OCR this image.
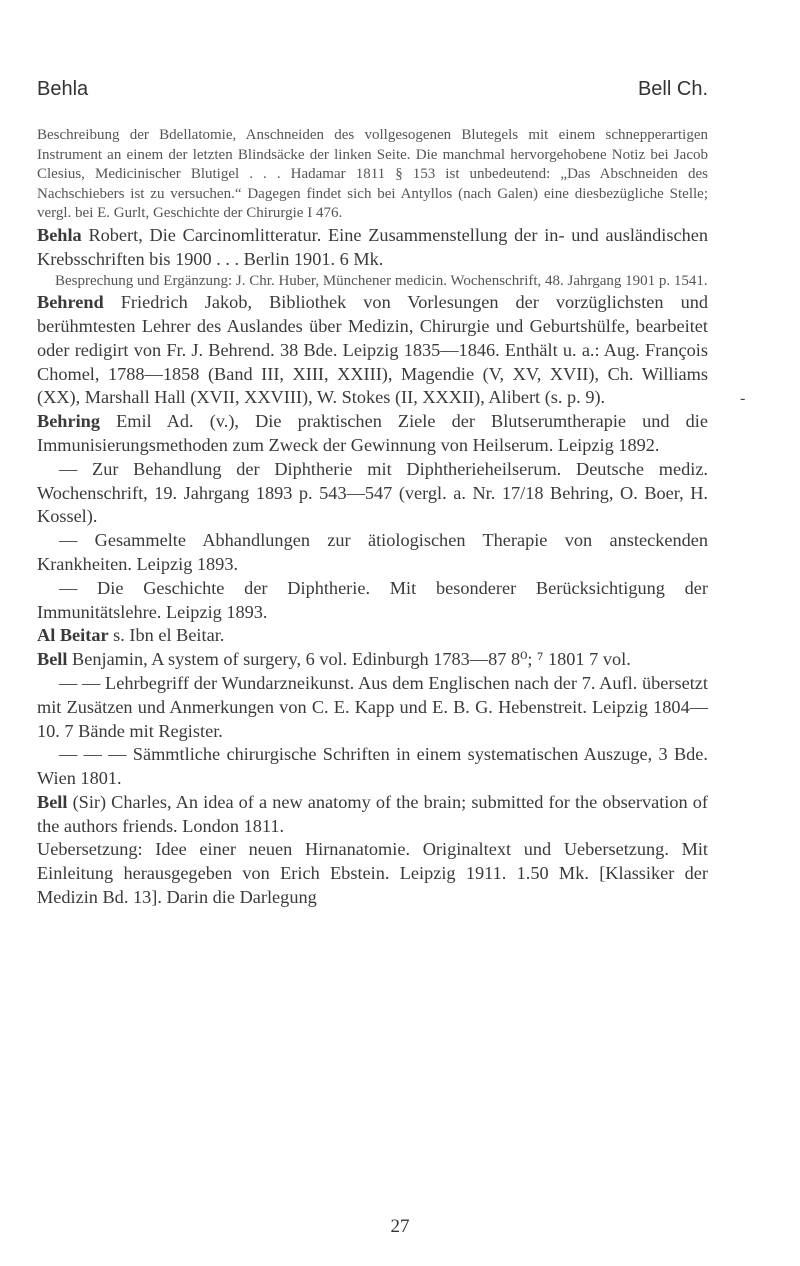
Behla	Bell Ch.

Beschreibung der Bdellatomie, Anschneiden des vollgesogenen Blutegels mit einem schnepperartigen Instrument an einem der letzten Blindsäcke der linken Seite. Die manchmal hervorgehobene Notiz bei Jacob Clesius, Medicinischer Blutigel . . . Hadamar 1811 § 153 ist unbedeutend: „Das Abschneiden des Nachschiebers ist zu versuchen.“ Dagegen findet sich bei Antyllos (nach Galen) eine diesbezügliche Stelle; vergl. bei E. Gurlt, Geschichte der Chirurgie I 476.

Behla Robert, Die Carcinomlitteratur. Eine Zusammenstellung der in- und ausländischen Krebsschriften bis 1900 . . . Berlin 1901. 6 Mk.

Besprechung und Ergänzung: J. Chr. Huber, Münchener medicin. Wochenschrift, 48. Jahrgang 1901 p. 1541.

Behrend Friedrich Jakob, Bibliothek von Vorlesungen der vorzüglichsten und berühmtesten Lehrer des Auslandes über Medizin, Chirurgie und Geburtshülfe, bearbeitet oder redigirt von Fr. J. Behrend. 38 Bde. Leipzig 1835—1846. Enthält u. a.: Aug. François Chomel, 1788—1858 (Band III, XIII, XXIII), Magendie (V, XV, XVII), Ch. Williams (XX), Marshall Hall (XVII, XXVIII), W. Stokes (II, XXXII), Alibert (s. p. 9).

Behring Emil Ad. (v.), Die praktischen Ziele der Blutserumtherapie und die Immunisierungsmethoden zum Zweck der Gewinnung von Heilserum. Leipzig 1892.

— Zur Behandlung der Diphtherie mit Diphtherieheilserum. Deutsche mediz. Wochenschrift, 19. Jahrgang 1893 p. 543—547 (vergl. a. Nr. 17/18 Behring, O. Boer, H. Kossel).

— Gesammelte Abhandlungen zur ätiologischen Therapie von ansteckenden Krankheiten. Leipzig 1893.

— Die Geschichte der Diphtherie. Mit besonderer Berücksichtigung der Immunitätslehre. Leipzig 1893.

Al Beitar s. Ibn el Beitar.

Bell Benjamin, A system of surgery, 6 vol. Edinburgh 1783—87 8⁰; ⁷ 1801 7 vol.

— — Lehrbegriff der Wundarzneikunst. Aus dem Englischen nach der 7. Aufl. übersetzt mit Zusätzen und Anmerkungen von C. E. Kapp und E. B. G. Hebenstreit. Leipzig 1804—10. 7 Bände mit Register.

— — — Sämmtliche chirurgische Schriften in einem systematischen Auszuge, 3 Bde. Wien 1801.

Bell (Sir) Charles, An idea of a new anatomy of the brain; submitted for the observation of the authors friends. London 1811.

Uebersetzung: Idee einer neuen Hirnanatomie. Originaltext und Uebersetzung. Mit Einleitung herausgegeben von Erich Ebstein. Leipzig 1911. 1.50 Mk. [Klassiker der Medizin Bd. 13]. Darin die Darlegung

-
27
